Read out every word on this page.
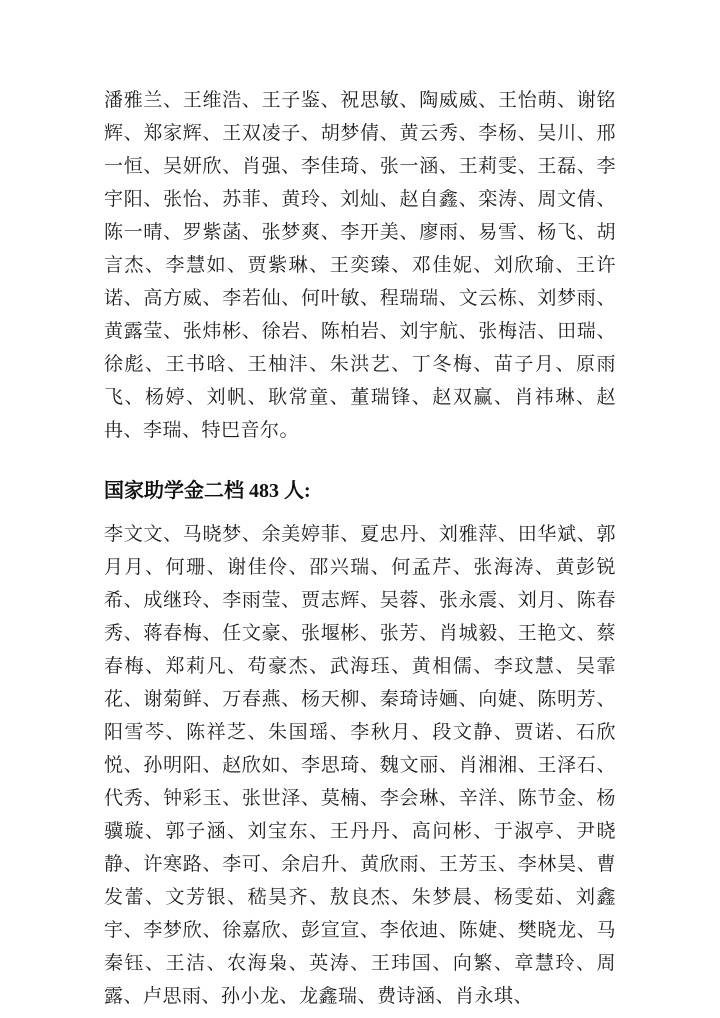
潘雅兰、王维浩、王子鉴、祝思敏、陶威威、王怡萌、谢铭辉、郑家辉、王双凌子、胡梦倩、黄云秀、李杨、吴川、邢一恒、吴妍欣、肖强、李佳琦、张一涵、王莉雯、王磊、李宇阳、张怡、苏菲、黄玲、刘灿、赵自鑫、栾涛、周文倩、陈一晴、罗紫菡、张梦爽、李开美、廖雨、易雪、杨飞、胡言杰、李慧如、贾紫琳、王奕臻、邓佳妮、刘欣瑜、王许诺、高方威、李若仙、何叶敏、程瑞瑞、文云栋、刘梦雨、黄露莹、张炜彬、徐岩、陈柏岩、刘宇航、张梅洁、田瑞、徐彪、王书晗、王柚沣、朱洪艺、丁冬梅、苗子月、原雨飞、杨婷、刘帆、耿常童、董瑞锋、赵双赢、肖祎琳、赵冉、李瑞、特巴音尔。

国家助学金二档 483 人:

李文文、马晓梦、余美婷菲、夏忠丹、刘雅萍、田华斌、郭月月、何珊、谢佳伶、邵兴瑞、何孟芹、张海涛、黄彭锐希、成继玲、李雨莹、贾志辉、吴蓉、张永震、刘月、陈春秀、蒋春梅、任文豪、张堰彬、张芳、肖城毅、王艳文、蔡春梅、郑莉凡、苟豪杰、武海珏、黄相儒、李玟慧、吴霏花、谢菊鲜、万春燕、杨天柳、秦琦诗婳、向婕、陈明芳、阳雪芩、陈祥芝、朱国瑶、李秋月、段文静、贾诺、石欣悦、孙明阳、赵欣如、李思琦、魏文丽、肖湘湘、王泽石、代秀、钟彩玉、张世泽、莫楠、李会琳、辛洋、陈节金、杨骥璇、郭子涵、刘宝东、王丹丹、高问彬、于淑亭、尹晓静、许寒路、李可、余启升、黄欣雨、王芳玉、李林昊、曹发蕾、文芳银、嵇昊齐、敖良杰、朱梦晨、杨雯茹、刘鑫宇、李梦欣、徐嘉欣、彭宣宣、李依迪、陈婕、樊晓龙、马秦钰、王洁、农海枭、英涛、王玮国、向繁、章慧玲、周露、卢思雨、孙小龙、龙鑫瑞、费诗涵、肖永琪、
